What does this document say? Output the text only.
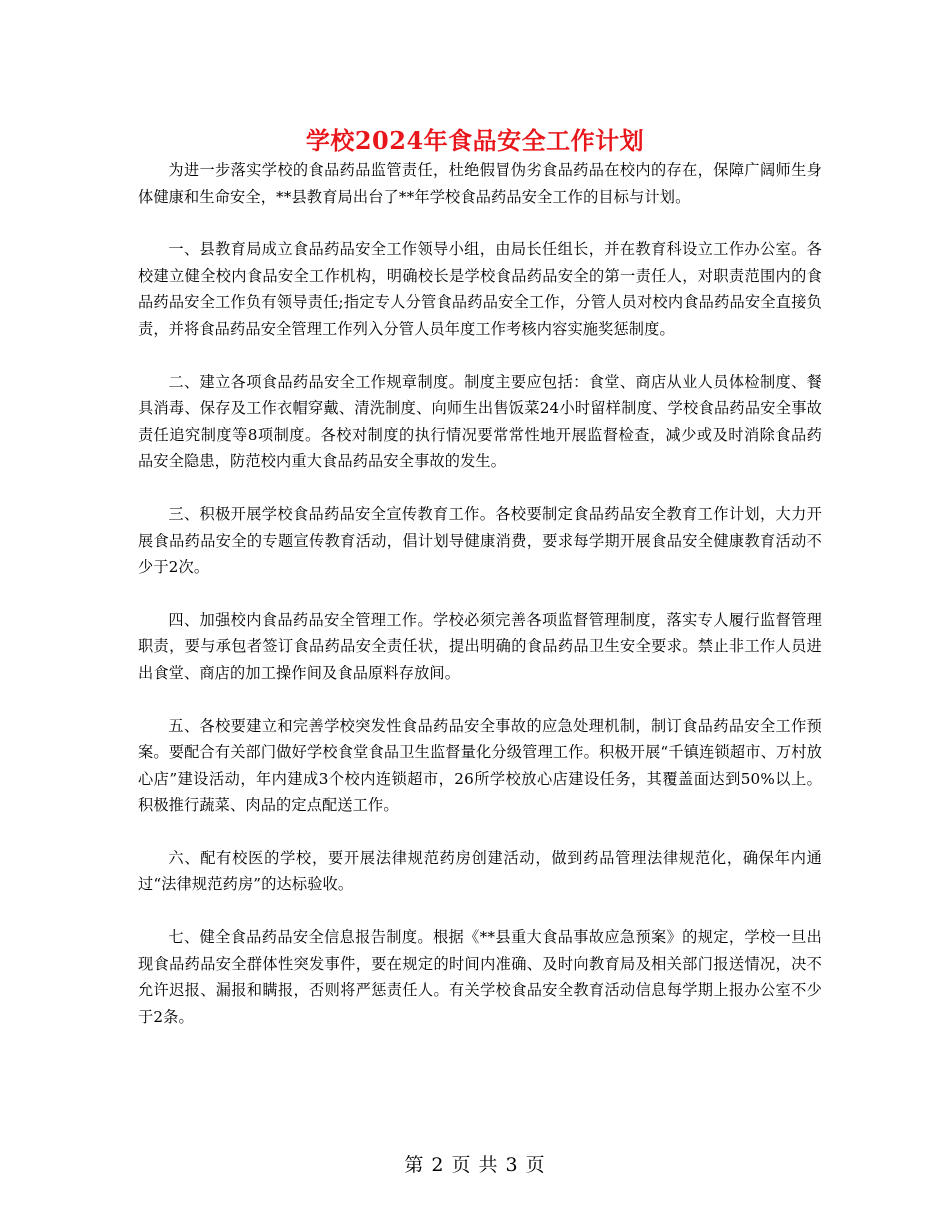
学校2024年食品安全工作计划

为进一步落实学校的食品药品监管责任，杜绝假冒伪劣食品药品在校内的存在，保障广阔师生身体健康和生命安全，**县教育局出台了**年学校食品药品安全工作的目标与计划。

一、县教育局成立食品药品安全工作领导小组，由局长任组长，并在教育科设立工作办公室。各校建立健全校内食品安全工作机构，明确校长是学校食品药品安全的第一责任人，对职责范围内的食品药品安全工作负有领导责任;指定专人分管食品药品安全工作，分管人员对校内食品药品安全直接负责，并将食品药品安全管理工作列入分管人员年度工作考核内容实施奖惩制度。

二、建立各项食品药品安全工作规章制度。制度主要应包括：食堂、商店从业人员体检制度、餐具消毒、保存及工作衣帽穿戴、清洗制度、向师生出售饭菜24小时留样制度、学校食品药品安全事故责任追究制度等8项制度。各校对制度的执行情况要常常性地开展监督检查，减少或及时消除食品药品安全隐患，防范校内重大食品药品安全事故的发生。

三、积极开展学校食品药品安全宣传教育工作。各校要制定食品药品安全教育工作计划，大力开展食品药品安全的专题宣传教育活动，倡计划导健康消费，要求每学期开展食品安全健康教育活动不少于2次。

四、加强校内食品药品安全管理工作。学校必须完善各项监督管理制度，落实专人履行监督管理职责，要与承包者签订食品药品安全责任状，提出明确的食品药品卫生安全要求。禁止非工作人员进出食堂、商店的加工操作间及食品原料存放间。

五、各校要建立和完善学校突发性食品药品安全事故的应急处理机制，制订食品药品安全工作预案。要配合有关部门做好学校食堂食品卫生监督量化分级管理工作。积极开展“千镇连锁超市、万村放心店”建设活动，年内建成3个校内连锁超市，26所学校放心店建设任务，其覆盖面达到50%以上。积极推行蔬菜、肉品的定点配送工作。

六、配有校医的学校，要开展法律规范药房创建活动，做到药品管理法律规范化，确保年内通过“法律规范药房”的达标验收。

七、健全食品药品安全信息报告制度。根据《**县重大食品事故应急预案》的规定，学校一旦出现食品药品安全群体性突发事件，要在规定的时间内准确、及时向教育局及相关部门报送情况，决不允许迟报、漏报和瞒报，否则将严惩责任人。有关学校食品安全教育活动信息每学期上报办公室不少于2条。

第 2 页 共 3 页
